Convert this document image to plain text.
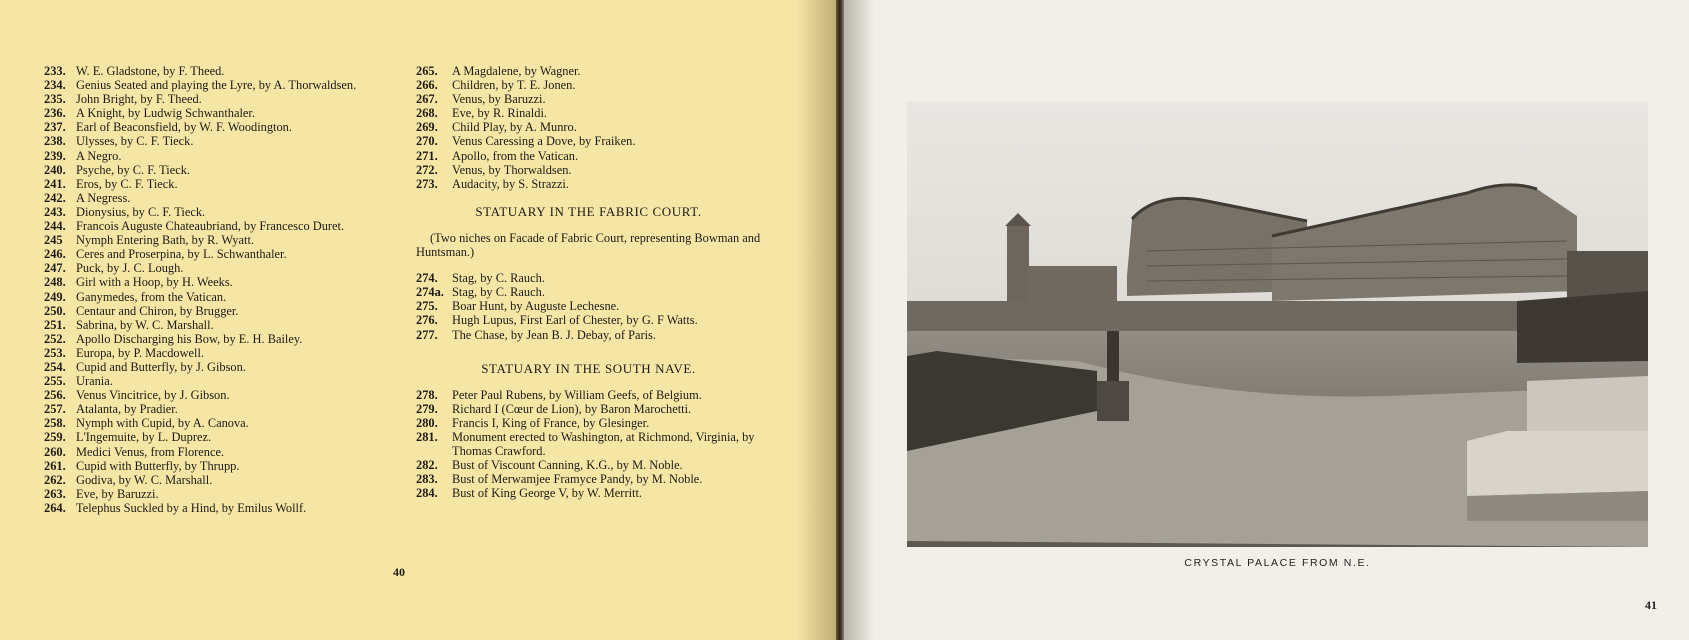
233. W. E. Gladstone, by F. Theed.
234. Genius Seated and playing the Lyre, by A. Thorwaldsen.
235. John Bright, by F. Theed.
236. A Knight, by Ludwig Schwanthaler.
237. Earl of Beaconsfield, by W. F. Woodington.
238. Ulysses, by C. F. Tieck.
239. A Negro.
240. Psyche, by C. F. Tieck.
241. Eros, by C. F. Tieck.
242. A Negress.
243. Dionysius, by C. F. Tieck.
244. Francois Auguste Chateaubriand, by Francesco Duret.
245	Nymph Entering Bath, by R. Wyatt.
246. Ceres and Proserpina, by L. Schwanthaler.
247. Puck, by J. C. Lough.
248. Girl with a Hoop, by H. Weeks.
249. Ganymedes, from the Vatican.
250. Centaur and Chiron, by Brugger.
251. Sabrina, by W. C. Marshall.
252. Apollo Discharging his Bow, by E. H. Bailey.
253. Europa, by P. Macdowell.
254. Cupid and Butterfly, by J. Gibson.
255. Urania.
256. Venus Vincitrice, by J. Gibson.
257. Atalanta, by Pradier.
258. Nymph with Cupid, by A. Canova.
259. L'Ingemuite, by L. Duprez.
260. Medici Venus, from Florence.
261. Cupid with Butterfly, by Thrupp.
262. Godiva, by W. C. Marshall.
263. Eve, by Baruzzi.
264. Telephus Suckled by a Hind, by Emilus Wollf.
265.	A Magdalene, by Wagner.
266.	Children, by T. E. Jonen.
267.	Venus, by Baruzzi.
268.	Eve, by R. Rinaldi.
269.	Child Play, by A. Munro.
270.	Venus Caressing a Dove, by Fraiken.
271.	Apollo, from the Vatican.
272.	Venus, by Thorwaldsen.
273.	Audacity, by S. Strazzi.
STATUARY IN THE FABRIC COURT.
(Two niches on Facade of Fabric Court, representing Bowman and Huntsman.)
274.	Stag, by C. Rauch.
274a. Stag, by C. Rauch.
275.	Boar Hunt, by Auguste Lechesne.
276.	Hugh Lupus, First Earl of Chester, by G. F Watts.
277.	The Chase, by Jean B. J. Debay, of Paris.
STATUARY IN THE SOUTH NAVE.
278.	Peter Paul Rubens, by William Geefs, of Belgium.
279.	Richard I (Cœur de Lion), by Baron Marochetti.
280.	Francis I, King of France, by Glesinger.
281.	Monument erected to Washington, at Richmond, Virginia, by Thomas Crawford.
282.	Bust of Viscount Canning, K.G., by M. Noble.
283.	Bust of Merwamjee Framyce Pandy, by M. Noble.
284.	Bust of King George V, by W. Merritt.
40
CRYSTAL PALACE FROM N.E.
41
